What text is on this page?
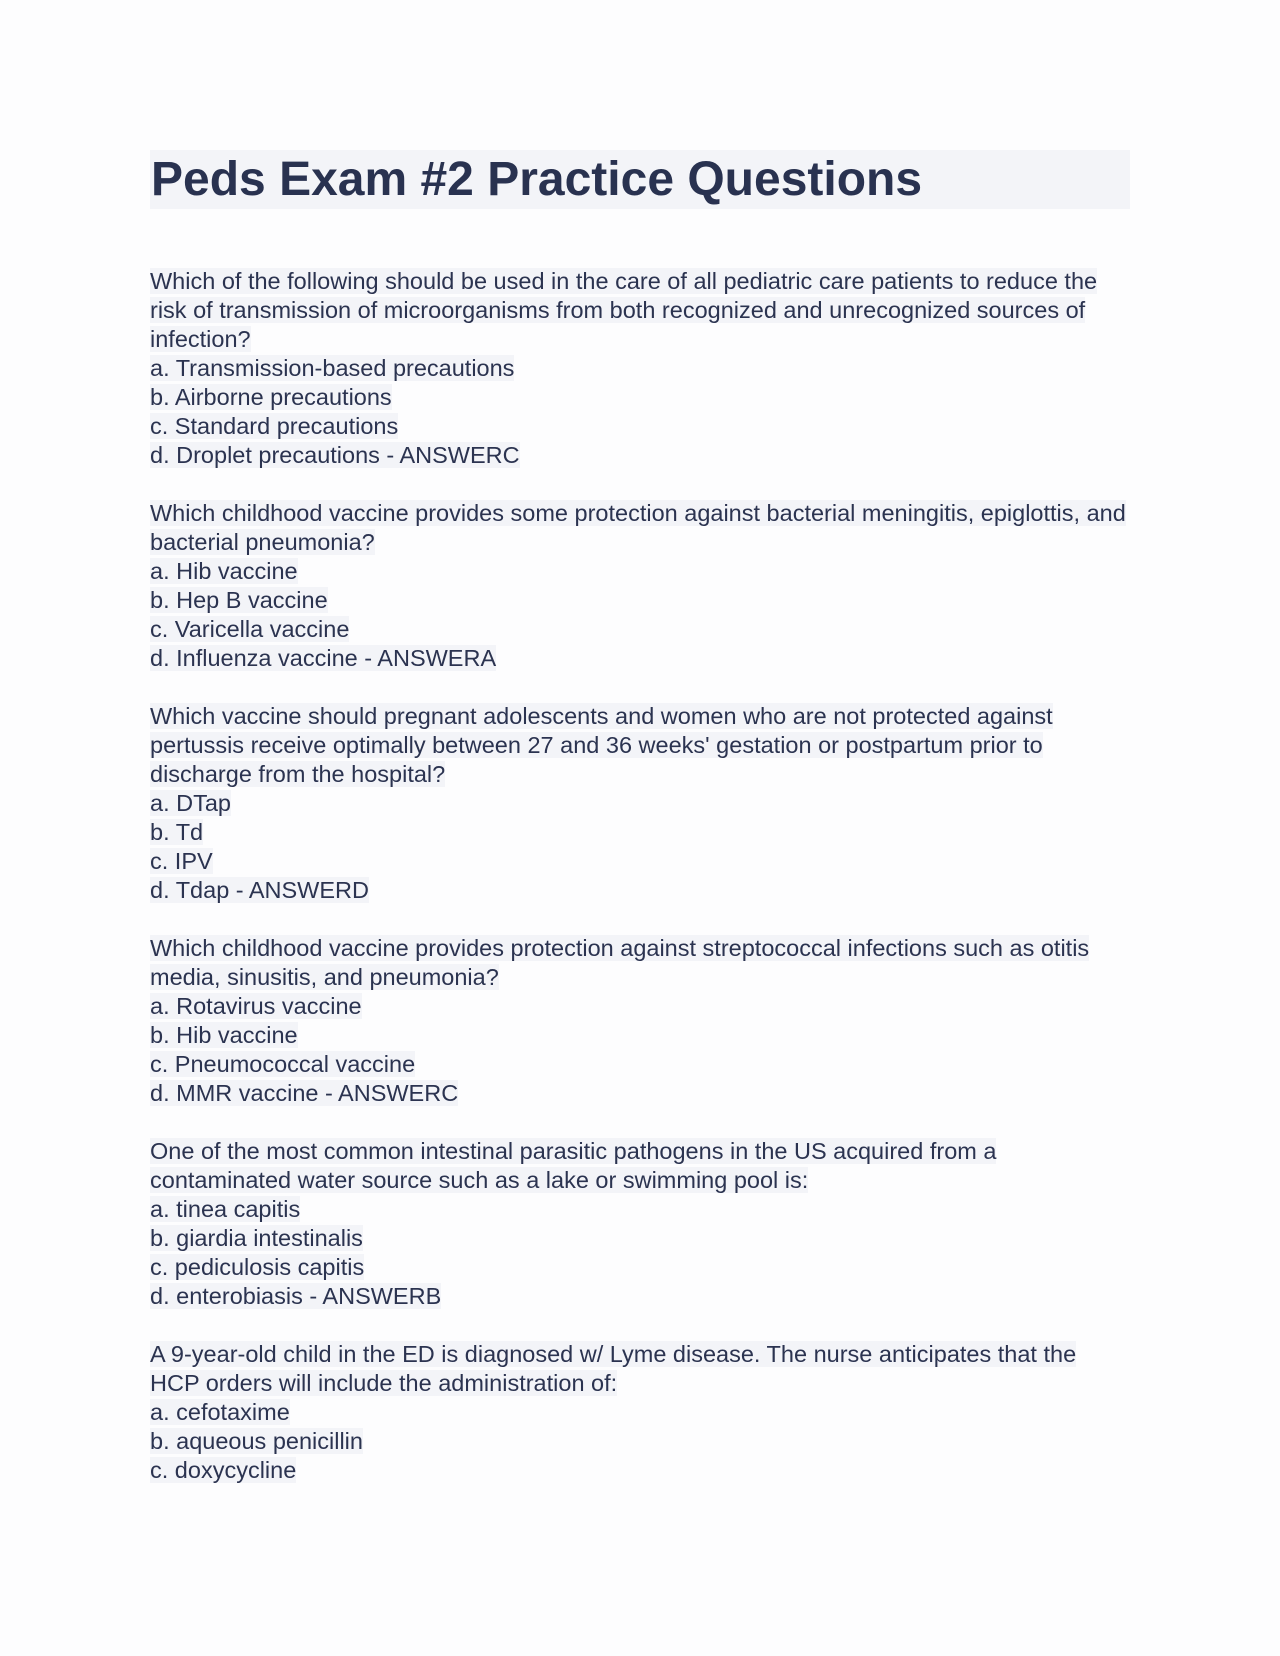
Peds Exam #2 Practice Questions

Which of the following should be used in the care of all pediatric care patients to reduce the risk of transmission of microorganisms from both recognized and unrecognized sources of infection?

a. Transmission-based precautions

b. Airborne precautions

c. Standard precautions

d. Droplet precautions - ANSWERC

Which childhood vaccine provides some protection against bacterial meningitis, epiglottis, and bacterial pneumonia?

a. Hib vaccine

b. Hep B vaccine

c. Varicella vaccine

d. Influenza vaccine - ANSWERA

Which vaccine should pregnant adolescents and women who are not protected against pertussis receive optimally between 27 and 36 weeks' gestation or postpartum prior to discharge from the hospital?

a. DTap

b. Td

c. IPV

d. Tdap - ANSWERD

Which childhood vaccine provides protection against streptococcal infections such as otitis media, sinusitis, and pneumonia?

a. Rotavirus vaccine

b. Hib vaccine

c. Pneumococcal vaccine

d. MMR vaccine - ANSWERC

One of the most common intestinal parasitic pathogens in the US acquired from a contaminated water source such as a lake or swimming pool is:

a. tinea capitis

b. giardia intestinalis

c. pediculosis capitis

d. enterobiasis - ANSWERB

A 9-year-old child in the ED is diagnosed w/ Lyme disease. The nurse anticipates that the HCP orders will include the administration of:

a. cefotaxime

b. aqueous penicillin

c. doxycycline
